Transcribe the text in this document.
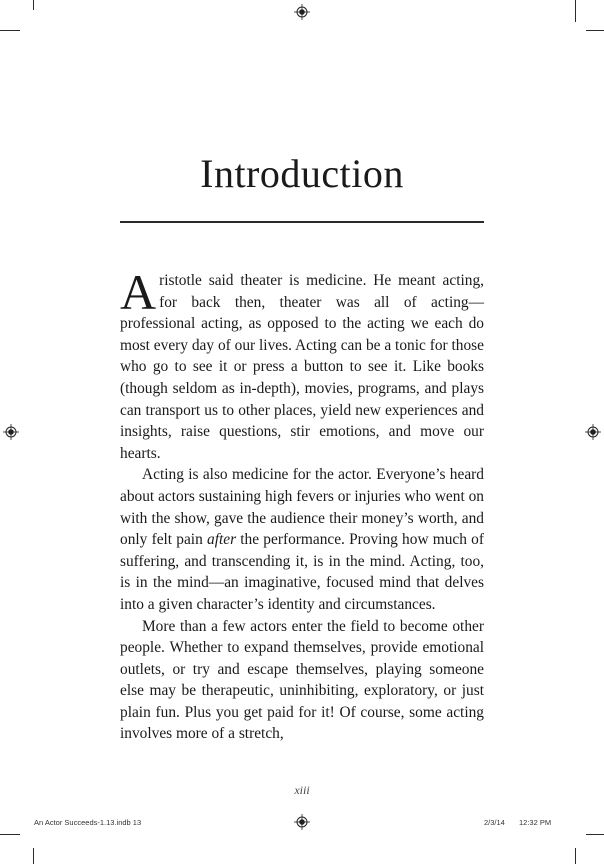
Introduction

Aristotle said theater is medicine. He meant acting, for back then, theater was all of acting—professional acting, as opposed to the acting we each do most every day of our lives. Acting can be a tonic for those who go to see it or press a button to see it. Like books (though seldom as in-depth), movies, programs, and plays can transport us to other places, yield new experiences and insights, raise questions, stir emotions, and move our hearts.

Acting is also medicine for the actor. Everyone’s heard about actors sustaining high fevers or injuries who went on with the show, gave the audience their money’s worth, and only felt pain after the performance. Proving how much of suffering, and transcending it, is in the mind. Acting, too, is in the mind—an imaginative, focused mind that delves into a given character’s identity and circumstances.

More than a few actors enter the field to become other people. Whether to expand themselves, provide emotional outlets, or try and escape themselves, playing someone else may be therapeutic, uninhibiting, exploratory, or just plain fun. Plus you get paid for it! Of course, some acting involves more of a stretch,

xiii
An Actor Succeeds-1.13.indb 13	2/3/14 12:32 PM
